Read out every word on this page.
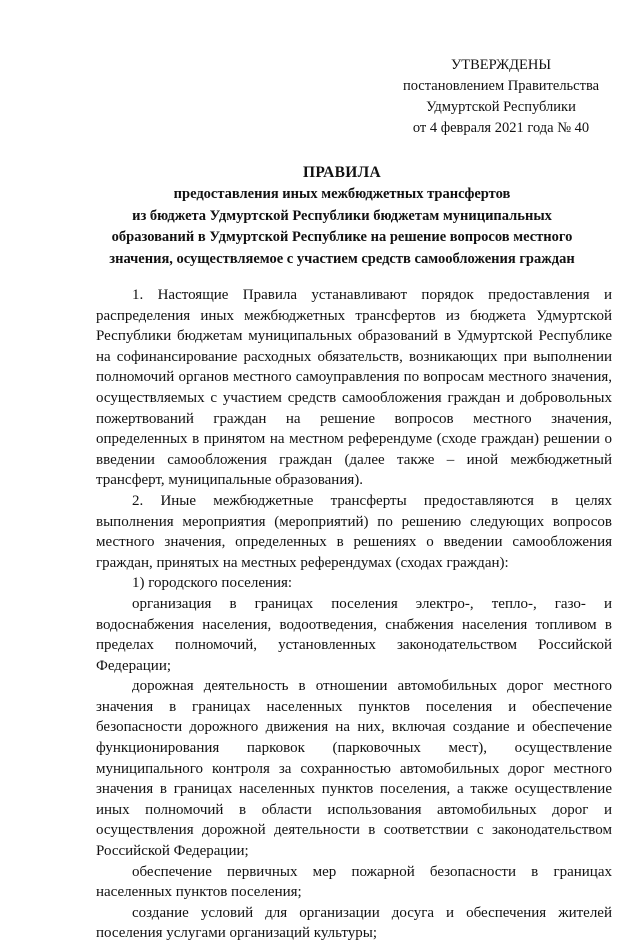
УТВЕРЖДЕНЫ
постановлением Правительства
Удмуртской Республики
от 4 февраля 2021 года № 40
ПРАВИЛА
предоставления иных межбюджетных трансфертов
из бюджета Удмуртской Республики бюджетам муниципальных
образований в Удмуртской Республике на решение вопросов местного
значения, осуществляемое с участием средств самообложения граждан

1. Настоящие Правила устанавливают порядок предоставления и распределения иных межбюджетных трансфертов из бюджета Удмуртской Республики бюджетам муниципальных образований в Удмуртской Республике на софинансирование расходных обязательств, возникающих при выполнении полномочий органов местного самоуправления по вопросам местного значения, осуществляемых с участием средств самообложения граждан и добровольных пожертвований граждан на решение вопросов местного значения, определенных в принятом на местном референдуме (сходе граждан) решении о введении самообложения граждан (далее также – иной межбюджетный трансферт, муниципальные образования).

2. Иные межбюджетные трансферты предоставляются в целях выполнения мероприятия (мероприятий) по решению следующих вопросов местного значения, определенных в решениях о введении самообложения граждан, принятых на местных референдумах (сходах граждан):

1) городского поселения:

организация в границах поселения электро-, тепло-, газо- и водоснабжения населения, водоотведения, снабжения населения топливом в пределах полномочий, установленных законодательством Российской Федерации;

дорожная деятельность в отношении автомобильных дорог местного значения в границах населенных пунктов поселения и обеспечение безопасности дорожного движения на них, включая создание и обеспечение функционирования парковок (парковочных мест), осуществление муниципального контроля за сохранностью автомобильных дорог местного значения в границах населенных пунктов поселения, а также осуществление иных полномочий в области использования автомобильных дорог и осуществления дорожной деятельности в соответствии с законодательством Российской Федерации;

обеспечение первичных мер пожарной безопасности в границах населенных пунктов поселения;

создание условий для организации досуга и обеспечения жителей поселения услугами организаций культуры;
